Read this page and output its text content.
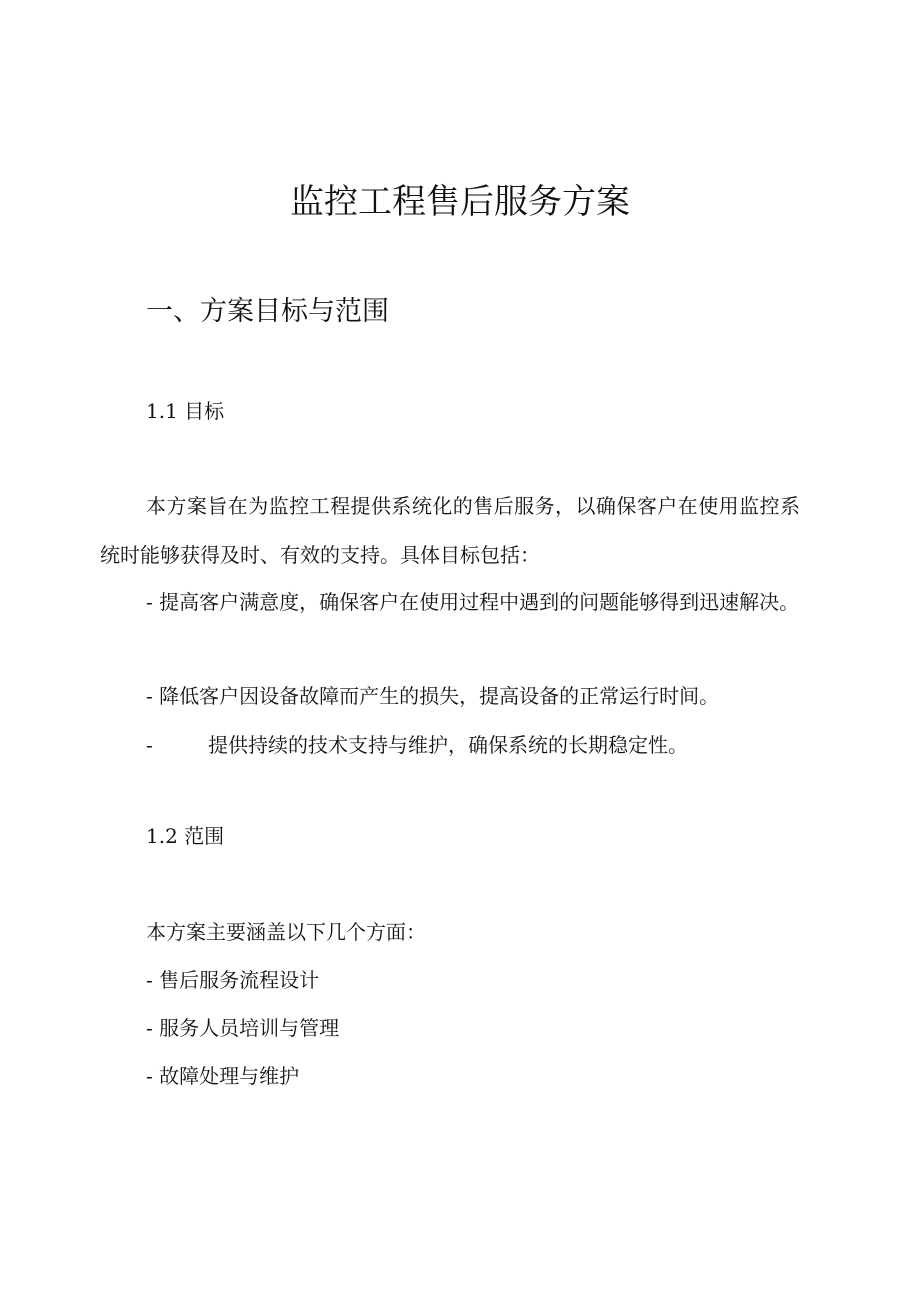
监控工程售后服务方案
一、方案目标与范围
1.1 目标

本方案旨在为监控工程提供系统化的售后服务，以确保客户在使用监控系统时能够获得及时、有效的支持。具体目标包括：

- 提高客户满意度，确保客户在使用过程中遇到的问题能够得到迅速解决。

- 降低客户因设备故障而产生的损失，提高设备的正常运行时间。

-	提供持续的技术支持与维护，确保系统的长期稳定性。

1.2 范围

本方案主要涵盖以下几个方面：

- 售后服务流程设计

- 服务人员培训与管理

- 故障处理与维护
